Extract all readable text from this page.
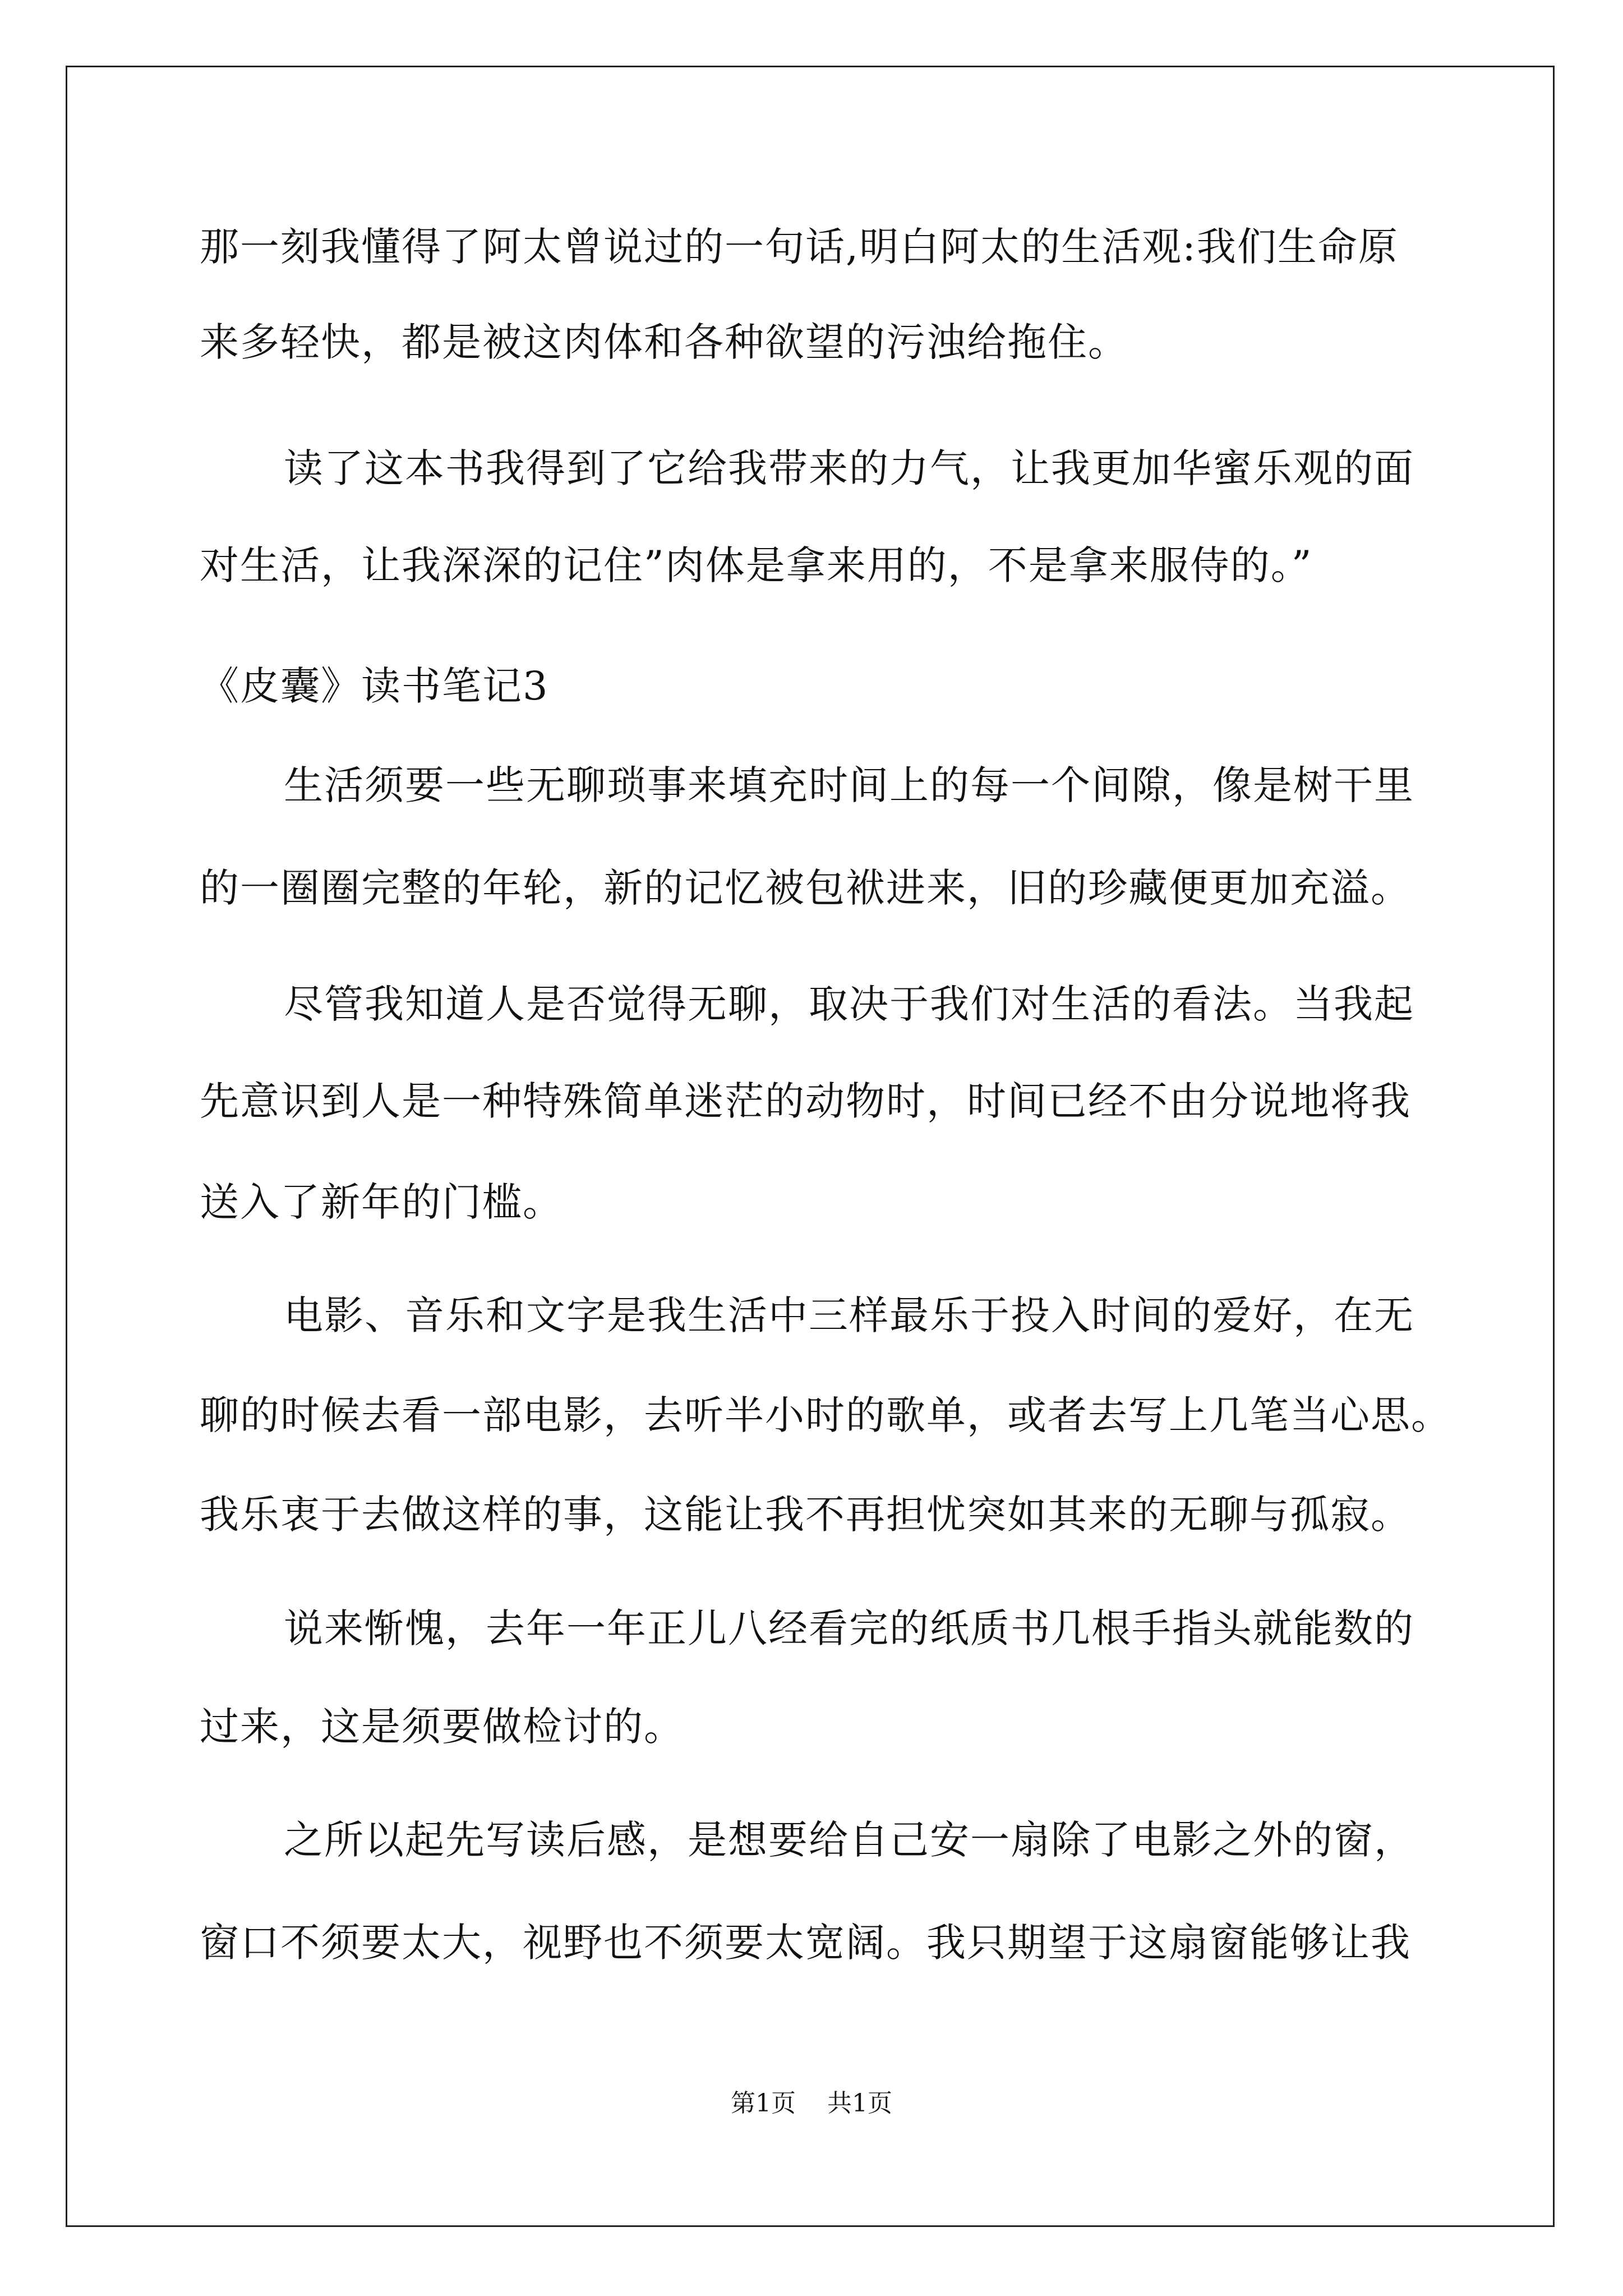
那一刻我懂得了阿太曾说过的一句话,明白阿太的生活观:我们生命原
来多轻快，都是被这肉体和各种欲望的污浊给拖住。
读了这本书我得到了它给我带来的力气，让我更加华蜜乐观的面
对生活，让我深深的记住”肉体是拿来用的，不是拿来服侍的。”
《皮囊》读书笔记3
生活须要一些无聊琐事来填充时间上的每一个间隙，像是树干里
的一圈圈完整的年轮，新的记忆被包袱进来，旧的珍藏便更加充溢。
尽管我知道人是否觉得无聊，取决于我们对生活的看法。当我起
先意识到人是一种特殊简单迷茫的动物时，时间已经不由分说地将我
送入了新年的门槛。
电影、音乐和文字是我生活中三样最乐于投入时间的爱好，在无
聊的时候去看一部电影，去听半小时的歌单，或者去写上几笔当心思。
我乐衷于去做这样的事，这能让我不再担忧突如其来的无聊与孤寂。
说来惭愧，去年一年正儿八经看完的纸质书几根手指头就能数的
过来，这是须要做检讨的。
之所以起先写读后感，是想要给自己安一扇除了电影之外的窗，
窗口不须要太大，视野也不须要太宽阔。我只期望于这扇窗能够让我
第1页 共1页
